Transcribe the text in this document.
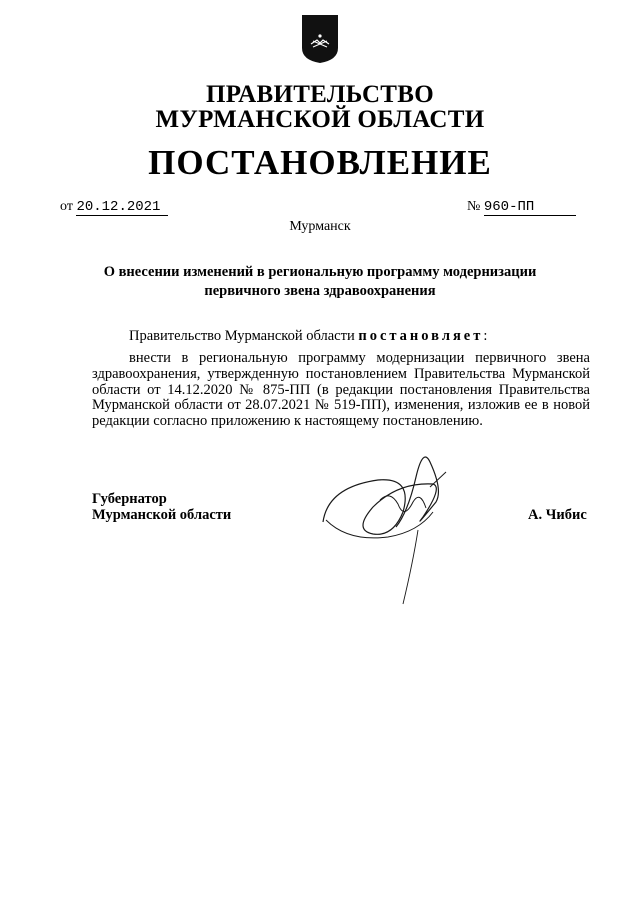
ПРАВИТЕЛЬСТВО
МУРМАНСКОЙ ОБЛАСТИ
ПОСТАНОВЛЕНИЕ
от 20.12.2021	№ 960-ПП
Мурманск
О внесении изменений в региональную программу модернизации
первичного звена здравоохранения
Правительство Мурманской области постановляет:
внести в региональную программу модернизации первичного звена здравоохранения, утвержденную постановлением Правительства Мурманской области от 14.12.2020 № 875-ПП (в редакции постановления Правительства Мурманской области от 28.07.2021 № 519-ПП), изменения, изложив ее в новой редакции согласно приложению к настоящему постановлению.
Губернатор
Мурманской области	А. Чибис
